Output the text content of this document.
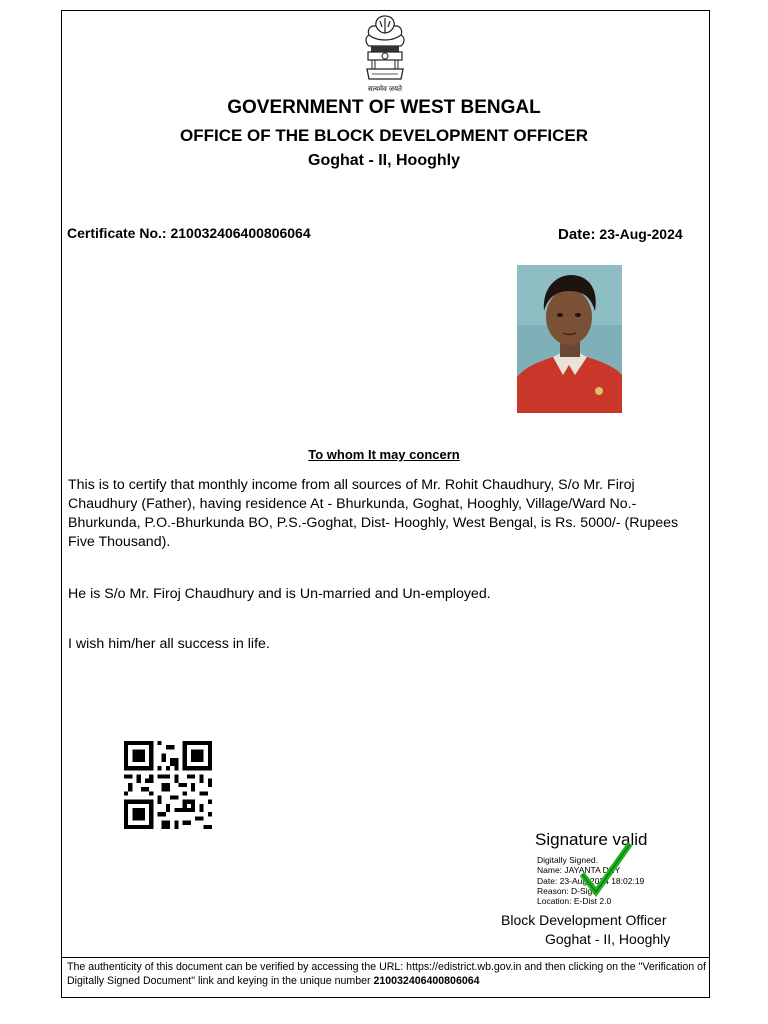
सत्यमेव जयते
GOVERNMENT OF WEST BENGAL
OFFICE OF THE BLOCK DEVELOPMENT OFFICER
Goghat - II, Hooghly
Certificate No.: 210032406400806064	Date: 23-Aug-2024
To whom It may concern
This is to certify that monthly income from all sources of Mr. Rohit Chaudhury, S/o Mr. Firoj Chaudhury (Father), having residence At - Bhurkunda, Goghat, Hooghly, Village/Ward No.- Bhurkunda, P.O.-Bhurkunda BO, P.S.-Goghat, Dist- Hooghly, West Bengal, is Rs. 5000/- (Rupees Five Thousand).
He is S/o Mr. Firoj Chaudhury and is Un-married and Un-employed.
I wish him/her all success in life.
Signature valid
Digitally Signed.
Name: JAYANTA DEY
Date: 23-Aug-2024 18:02:19
Reason: D-Sign
Location: E-Dist 2.0
Block Development Officer
Goghat - II, Hooghly
The authenticity of this document can be verified by accessing the URL: https://edistrict.wb.gov.in and then clicking on the "Verification of Digitally Signed Document" link and keying in the unique number 210032406400806064
